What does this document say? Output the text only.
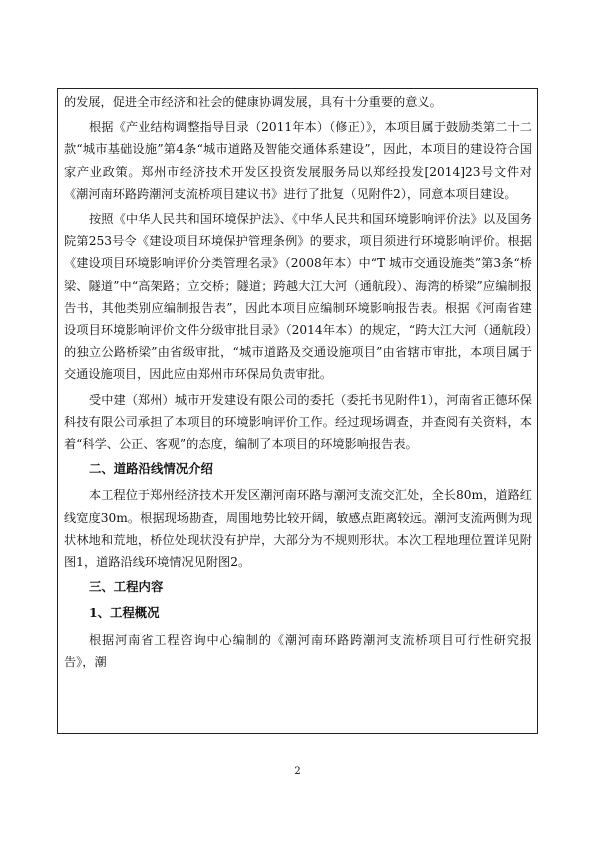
的发展，促进全市经济和社会的健康协调发展，具有十分重要的意义。

根据《产业结构调整指导目录（2011年本）（修正）》，本项目属于鼓励类第二十二款“城市基础设施”第4条“城市道路及智能交通体系建设”，因此，本项目的建设符合国家产业政策。郑州市经济技术开发区投资发展服务局以郑经投发[2014]23号文件对《潮河南环路跨潮河支流桥项目建议书》进行了批复（见附件2），同意本项目建设。

按照《中华人民共和国环境保护法》、《中华人民共和国环境影响评价法》以及国务院第253号令《建设项目环境保护管理条例》的要求，项目须进行环境影响评价。根据《建设项目环境影响评价分类管理名录》（2008年本）中“T 城市交通设施类”第3条“桥梁、隧道”中“高架路；立交桥；隧道；跨越大江大河（通航段）、海湾的桥梁”应编制报告书，其他类别应编制报告表”，因此本项目应编制环境影响报告表。根据《河南省建设项目环境影响评价文件分级审批目录》（2014年本）的规定，“跨大江大河（通航段）的独立公路桥梁”由省级审批，“城市道路及交通设施项目”由省辖市审批，本项目属于交通设施项目，因此应由郑州市环保局负责审批。

受中建（郑州）城市开发建设有限公司的委托（委托书见附件1），河南省正德环保科技有限公司承担了本项目的环境影响评价工作。经过现场调查，并查阅有关资料，本着“科学、公正、客观”的态度，编制了本项目的环境影响报告表。

二、道路沿线情况介绍

本工程位于郑州经济技术开发区潮河南环路与潮河支流交汇处，全长80m，道路红线宽度30m。根据现场勘查，周围地势比较开阔，敏感点距离较远。潮河支流两侧为现状林地和荒地，桥位处现状没有护岸，大部分为不规则形状。本次工程地理位置详见附图1，道路沿线环境情况见附图2。

三、工程内容
1、工程概况

根据河南省工程咨询中心编制的《潮河南环路跨潮河支流桥项目可行性研究报告》，潮

2
